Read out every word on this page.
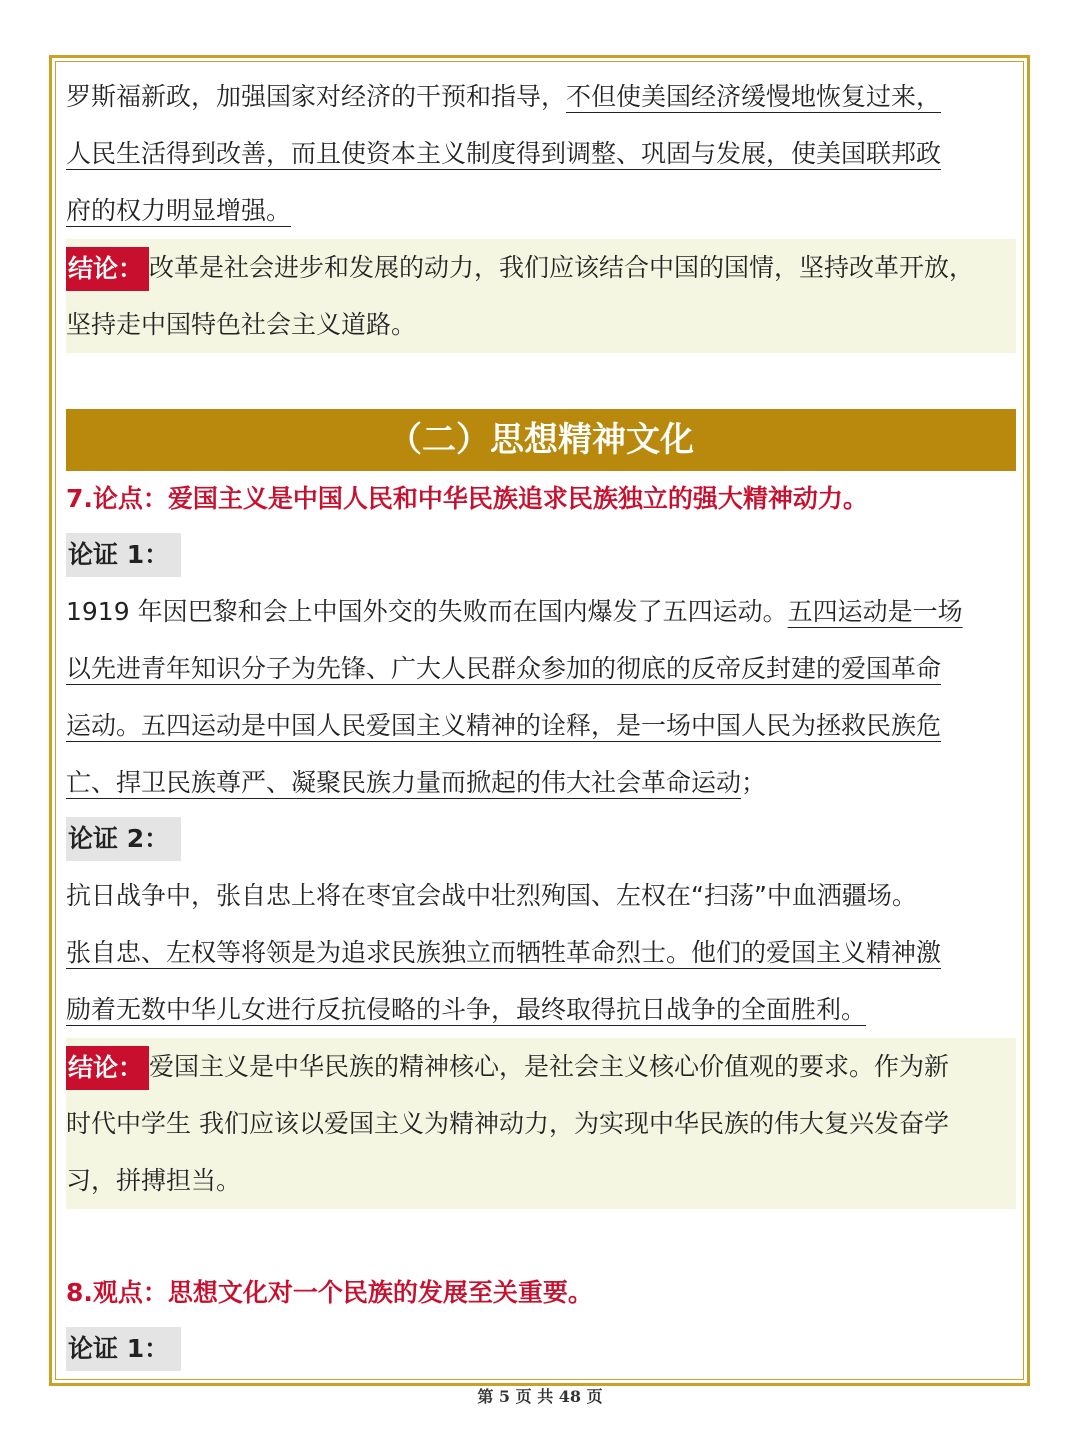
罗斯福新政，加强国家对经济的干预和指导，不但使美国经济缓慢地恢复过来，
人民生活得到改善，而且使资本主义制度得到调整、巩固与发展，使美国联邦政
府的权力明显增强。
结论： 改革是社会进步和发展的动力，我们应该结合中国的国情，坚持改革开放，
坚持走中国特色社会主义道路。
（二）思想精神文化
7.论点：爱国主义是中国人民和中华民族追求民族独立的强大精神动力。
论证 1：
1919 年因巴黎和会上中国外交的失败而在国内爆发了五四运动。五四运动是一场
以先进青年知识分子为先锋、广大人民群众参加的彻底的反帝反封建的爱国革命
运动。五四运动是中国人民爱国主义精神的诠释，是一场中国人民为拯救民族危
亡、捍卫民族尊严、凝聚民族力量而掀起的伟大社会革命运动；
论证 2：
抗日战争中，张自忠上将在枣宜会战中壮烈殉国、左权在“扫荡”中血洒疆场。
张自忠、左权等将领是为追求民族独立而牺牲革命烈士。他们的爱国主义精神激
励着无数中华儿女进行反抗侵略的斗争，最终取得抗日战争的全面胜利。
结论： 爱国主义是中华民族的精神核心，是社会主义核心价值观的要求。作为新
时代中学生 我们应该以爱国主义为精神动力，为实现中华民族的伟大复兴发奋学
习，拼搏担当。
8.观点：思想文化对一个民族的发展至关重要。
论证 1：
第 5 页 共 48 页
